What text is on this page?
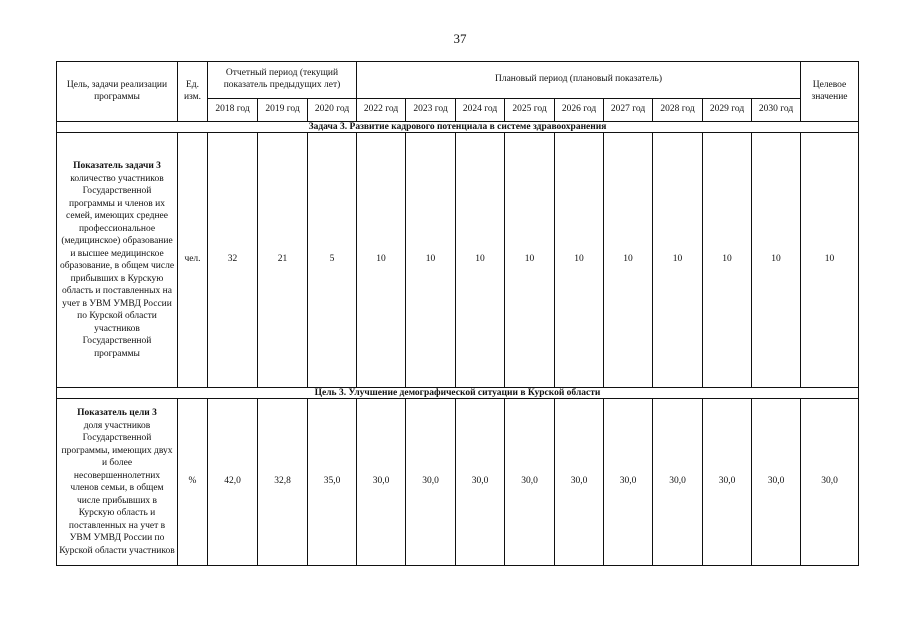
37
Цель, задачи реализации программы	Ед. изм.	Отчетный период (текущий показатель предыдущих лет)			Плановый период (плановый показатель)									Целевое значение
		2018 год	2019 год	2020 год	2022 год	2023 год	2024 год	2025 год	2026 год	2027 год	2028 год	2029 год	2030 год	
Задача 3. Развитие кадрового потенциала в системе здравоохранения														

Показатель задачи 3
количество участников Государственной программы и членов их семей, имеющих среднее профессиональное (медицинское) образование и высшее медицинское образование, в общем числе прибывших в Курскую область и поставленных на учет в УВМ УМВД России по Курской области участников Государственной программы	чел.	32	21	5	10	10	10	10	10	10	10	10	10	10
Цель 3. Улучшение демографической ситуации в Курской области														

Показатель цели 3
доля участников Государственной программы, имеющих двух и более несовершеннолетних членов семьи, в общем числе прибывших в Курскую область и поставленных на учет в УВМ УМВД России по Курской области участников	%	42,0	32,8	35,0	30,0	30,0	30,0	30,0	30,0	30,0	30,0	30,0	30,0	30,0
